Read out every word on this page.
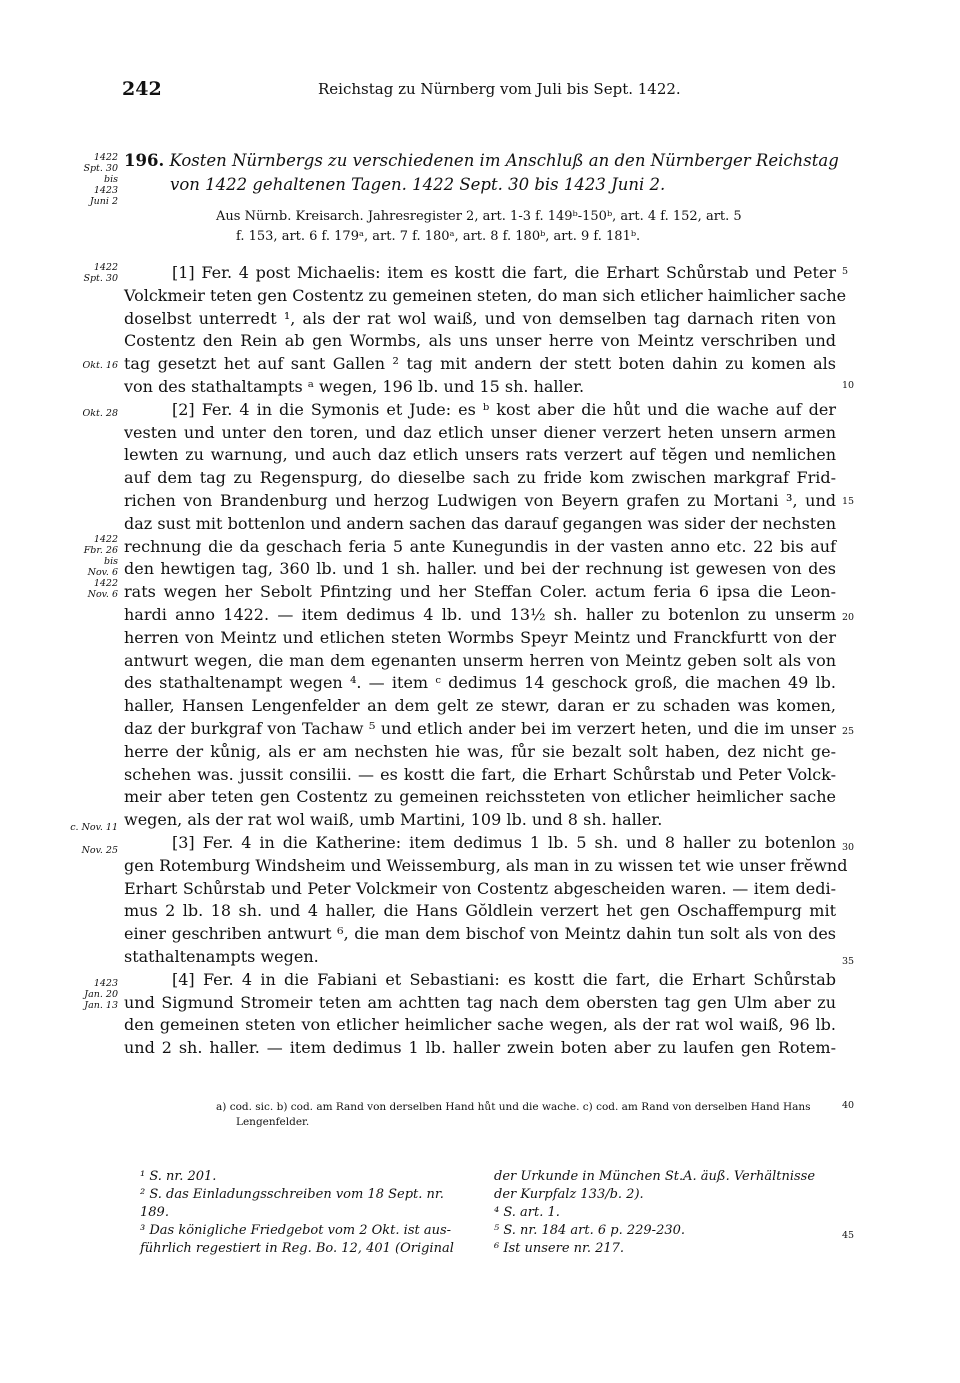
242	Reichstag zu Nürnberg vom Juli bis Sept. 1422.
1422
Spt. 30
bis
1423
Juni 2
196. Kosten Nürnbergs zu verschiedenen im Anschluß an den Nürnberger Reichstag
von 1422 gehaltenen Tagen. 1422 Sept. 30 bis 1423 Juni 2.
Aus Nürnb. Kreisarch. Jahresregister 2, art. 1-3 f. 149ᵇ-150ᵇ, art. 4 f. 152, art. 5
f. 153, art. 6 f. 179ᵃ, art. 7 f. 180ᵃ, art. 8 f. 180ᵇ, art. 9 f. 181ᵇ.
1422
Spt. 30
Okt. 16
Okt. 28
1422
Fbr. 26
bis
Nov. 6
1422
Nov. 6
c. Nov. 11
Nov. 25
1423
Jan. 20
Jan. 13
5
10
15
20
25
30
35
40
45
[1] Fer. 4 post Michaelis: item es kostt die fart, die Erhart Schůrstab und Peter
Volckmeir teten gen Costentz zu gemeinen steten, do man sich etlicher haimlicher sache
doselbst unterredt ¹, als der rat wol waiß, und von demselben tag darnach riten von
Costentz den Rein ab gen Wormbs, als uns unser herre von Meintz verschriben und
tag gesetzt het auf sant Gallen ² tag mit andern der stett boten dahin zu komen als
von des stathaltampts ᵃ wegen, 196 lb. und 15 sh. haller.
[2] Fer. 4 in die Symonis et Jude: es ᵇ kost aber die hůt und die wache auf der
vesten und unter den toren, und daz etlich unser diener verzert heten unsern armen
lewten zu warnung, und auch daz etlich unsers rats verzert auf tĕgen und nemlichen
auf dem tag zu Regenspurg, do dieselbe sach zu fride kom zwischen markgraf Frid-
richen von Brandenburg und herzog Ludwigen von Beyern grafen zu Mortani ³, und
daz sust mit bottenlon und andern sachen das darauf gegangen was sider der nechsten
rechnung die da geschach feria 5 ante Kunegundis in der vasten anno etc. 22 bis auf
den hewtigen tag, 360 lb. und 1 sh. haller. und bei der rechnung ist gewesen von des
rats wegen her Sebolt Pfintzing und her Steffan Coler. actum feria 6 ipsa die Leon-
hardi anno 1422. — item dedimus 4 lb. und 13½ sh. haller zu botenlon zu unserm
herren von Meintz und etlichen steten Wormbs Speyr Meintz und Franckfurtt von der
antwurt wegen, die man dem egenanten unserm herren von Meintz geben solt als von
des stathaltenampt wegen ⁴. — item ᶜ dedimus 14 geschock groß, die machen 49 lb.
haller, Hansen Lengenfelder an dem gelt ze stewr, daran er zu schaden was komen,
daz der burkgraf von Tachaw ⁵ und etlich ander bei im verzert heten, und die im unser
herre der kůnig, als er am nechsten hie was, fůr sie bezalt solt haben, dez nicht ge-
schehen was. jussit consilii. — es kostt die fart, die Erhart Schůrstab und Peter Volck-
meir aber teten gen Costentz zu gemeinen reichssteten von etlicher heimlicher sache
wegen, als der rat wol waiß, umb Martini, 109 lb. und 8 sh. haller.
[3] Fer. 4 in die Katherine: item dedimus 1 lb. 5 sh. und 8 haller zu botenlon
gen Rotemburg Windsheim und Weissemburg, als man in zu wissen tet wie unser frĕwnd
Erhart Schůrstab und Peter Volckmeir von Costentz abgescheiden waren. — item dedi-
mus 2 lb. 18 sh. und 4 haller, die Hans Gŏldlein verzert het gen Oschaffempurg mit
einer geschriben antwurt ⁶, die man dem bischof von Meintz dahin tun solt als von des
stathaltenampts wegen.
[4] Fer. 4 in die Fabiani et Sebastiani: es kostt die fart, die Erhart Schůrstab
und Sigmund Stromeir teten am achtten tag nach dem obersten tag gen Ulm aber zu
den gemeinen steten von etlicher heimlicher sache wegen, als der rat wol waiß, 96 lb.
und 2 sh. haller. — item dedimus 1 lb. haller zwein boten aber zu laufen gen Rotem-
a) cod. sic. b) cod. am Rand von derselben Hand hůt und die wache. c) cod. am Rand von derselben Hand Hans
Lengenfelder.
¹ S. nr. 201.
² S. das Einladungsschreiben vom 18 Sept. nr.
189.
³ Das königliche Friedgebot vom 2 Okt. ist aus-
führlich regestiert in Reg. Bo. 12, 401 (Original
der Urkunde in München St.A. äuß. Verhältnisse
der Kurpfalz 133/b. 2).
⁴ S. art. 1.
⁵ S. nr. 184 art. 6 p. 229-230.
⁶ Ist unsere nr. 217.
